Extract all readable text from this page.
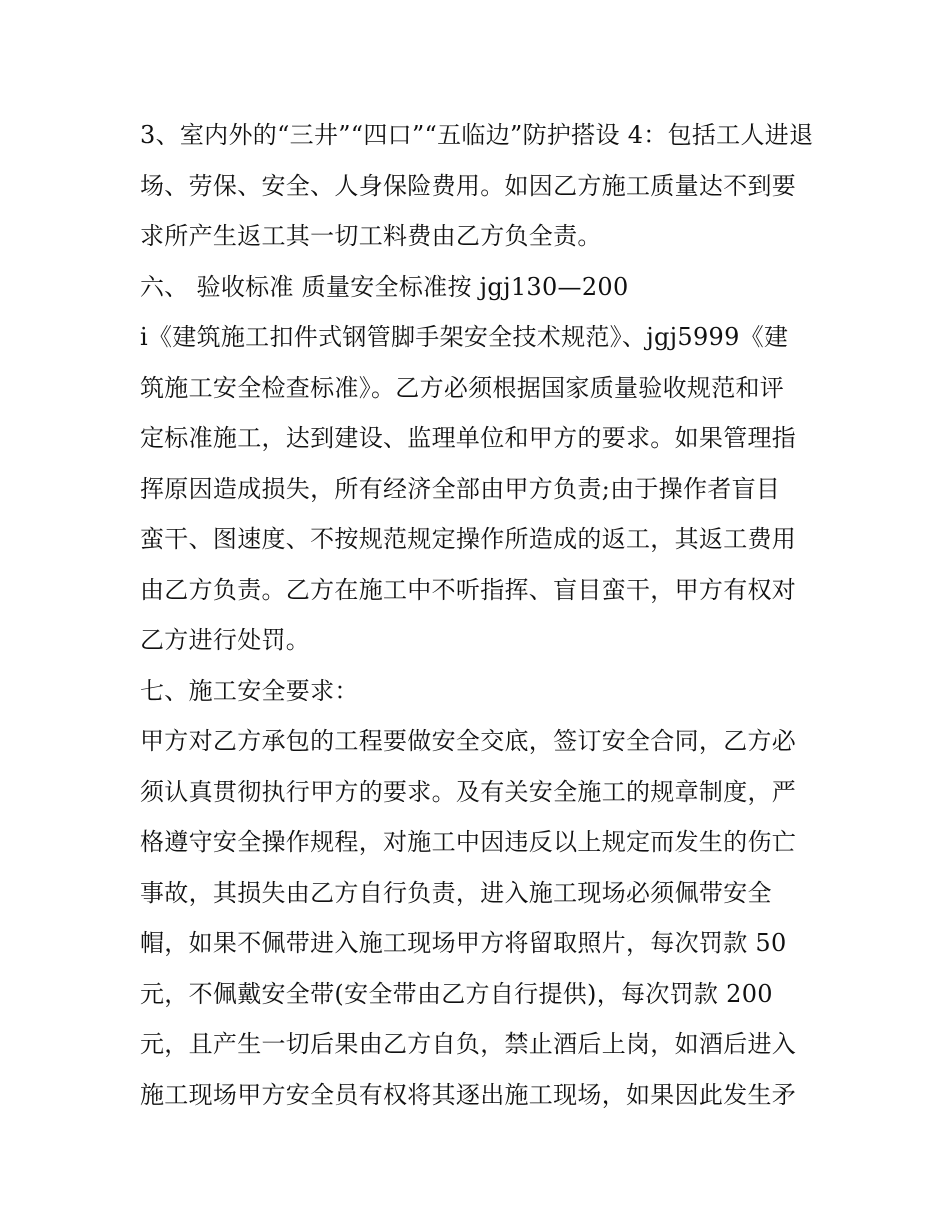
3、室内外的“三井”“四口”“五临边”防护搭设 4：包括工人进退
场、劳保、安全、人身保险费用。如因乙方施工质量达不到要
求所产生返工其一切工料费由乙方负全责。
六、 验收标准 质量安全标准按 jgj130—200
i《建筑施工扣件式钢管脚手架安全技术规范》、jgj5999《建
筑施工安全检查标准》。乙方必须根据国家质量验收规范和评
定标准施工，达到建设、监理单位和甲方的要求。如果管理指
挥原因造成损失，所有经济全部由甲方负责;由于操作者盲目
蛮干、图速度、不按规范规定操作所造成的返工，其返工费用
由乙方负责。乙方在施工中不听指挥、盲目蛮干，甲方有权对
乙方进行处罚。
七、施工安全要求：
甲方对乙方承包的工程要做安全交底，签订安全合同，乙方必
须认真贯彻执行甲方的要求。及有关安全施工的规章制度，严
格遵守安全操作规程，对施工中因违反以上规定而发生的伤亡
事故，其损失由乙方自行负责，进入施工现场必须佩带安全
帽，如果不佩带进入施工现场甲方将留取照片，每次罚款 50
元，不佩戴安全带(安全带由乙方自行提供)，每次罚款 200
元，且产生一切后果由乙方自负，禁止酒后上岗，如酒后进入
施工现场甲方安全员有权将其逐出施工现场，如果因此发生矛
